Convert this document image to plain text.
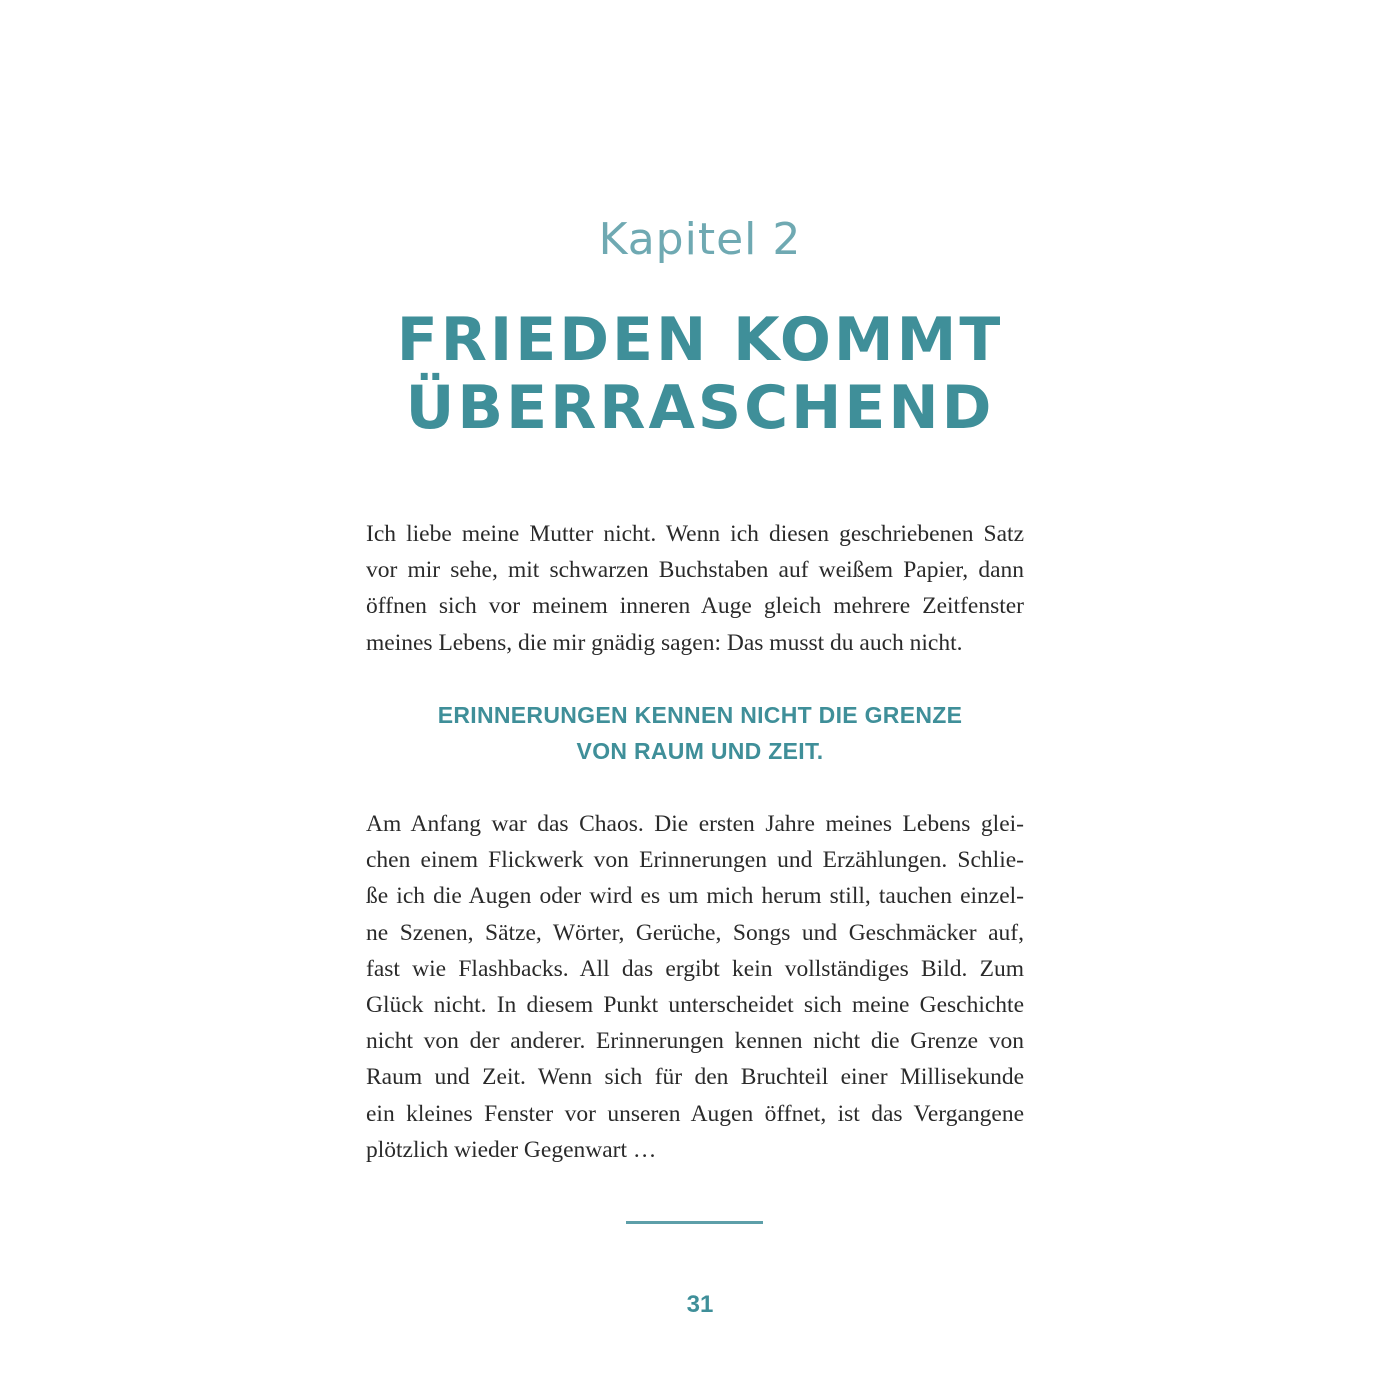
Kapitel 2
FRIEDEN KOMMT
ÜBERRASCHEND
Ich liebe meine Mutter nicht. Wenn ich diesen geschriebenen Satz
vor mir sehe, mit schwarzen Buchstaben auf weißem Papier, dann
öffnen sich vor meinem inneren Auge gleich mehrere Zeitfenster
meines Lebens, die mir gnädig sagen: Das musst du auch nicht.
ERINNERUNGEN KENNEN NICHT DIE GRENZE
VON RAUM UND ZEIT.
Am Anfang war das Chaos. Die ersten Jahre meines Lebens glei-
chen einem Flickwerk von Erinnerungen und Erzählungen. Schlie-
ße ich die Augen oder wird es um mich herum still, tauchen einzel-
ne Szenen, Sätze, Wörter, Gerüche, Songs und Geschmäcker auf,
fast wie Flashbacks. All das ergibt kein vollständiges Bild. Zum
Glück nicht. In diesem Punkt unterscheidet sich meine Geschichte
nicht von der anderer. Erinnerungen kennen nicht die Grenze von
Raum und Zeit. Wenn sich für den Bruchteil einer Millisekunde
ein kleines Fenster vor unseren Augen öffnet, ist das Vergangene
plötzlich wieder Gegenwart …
31
